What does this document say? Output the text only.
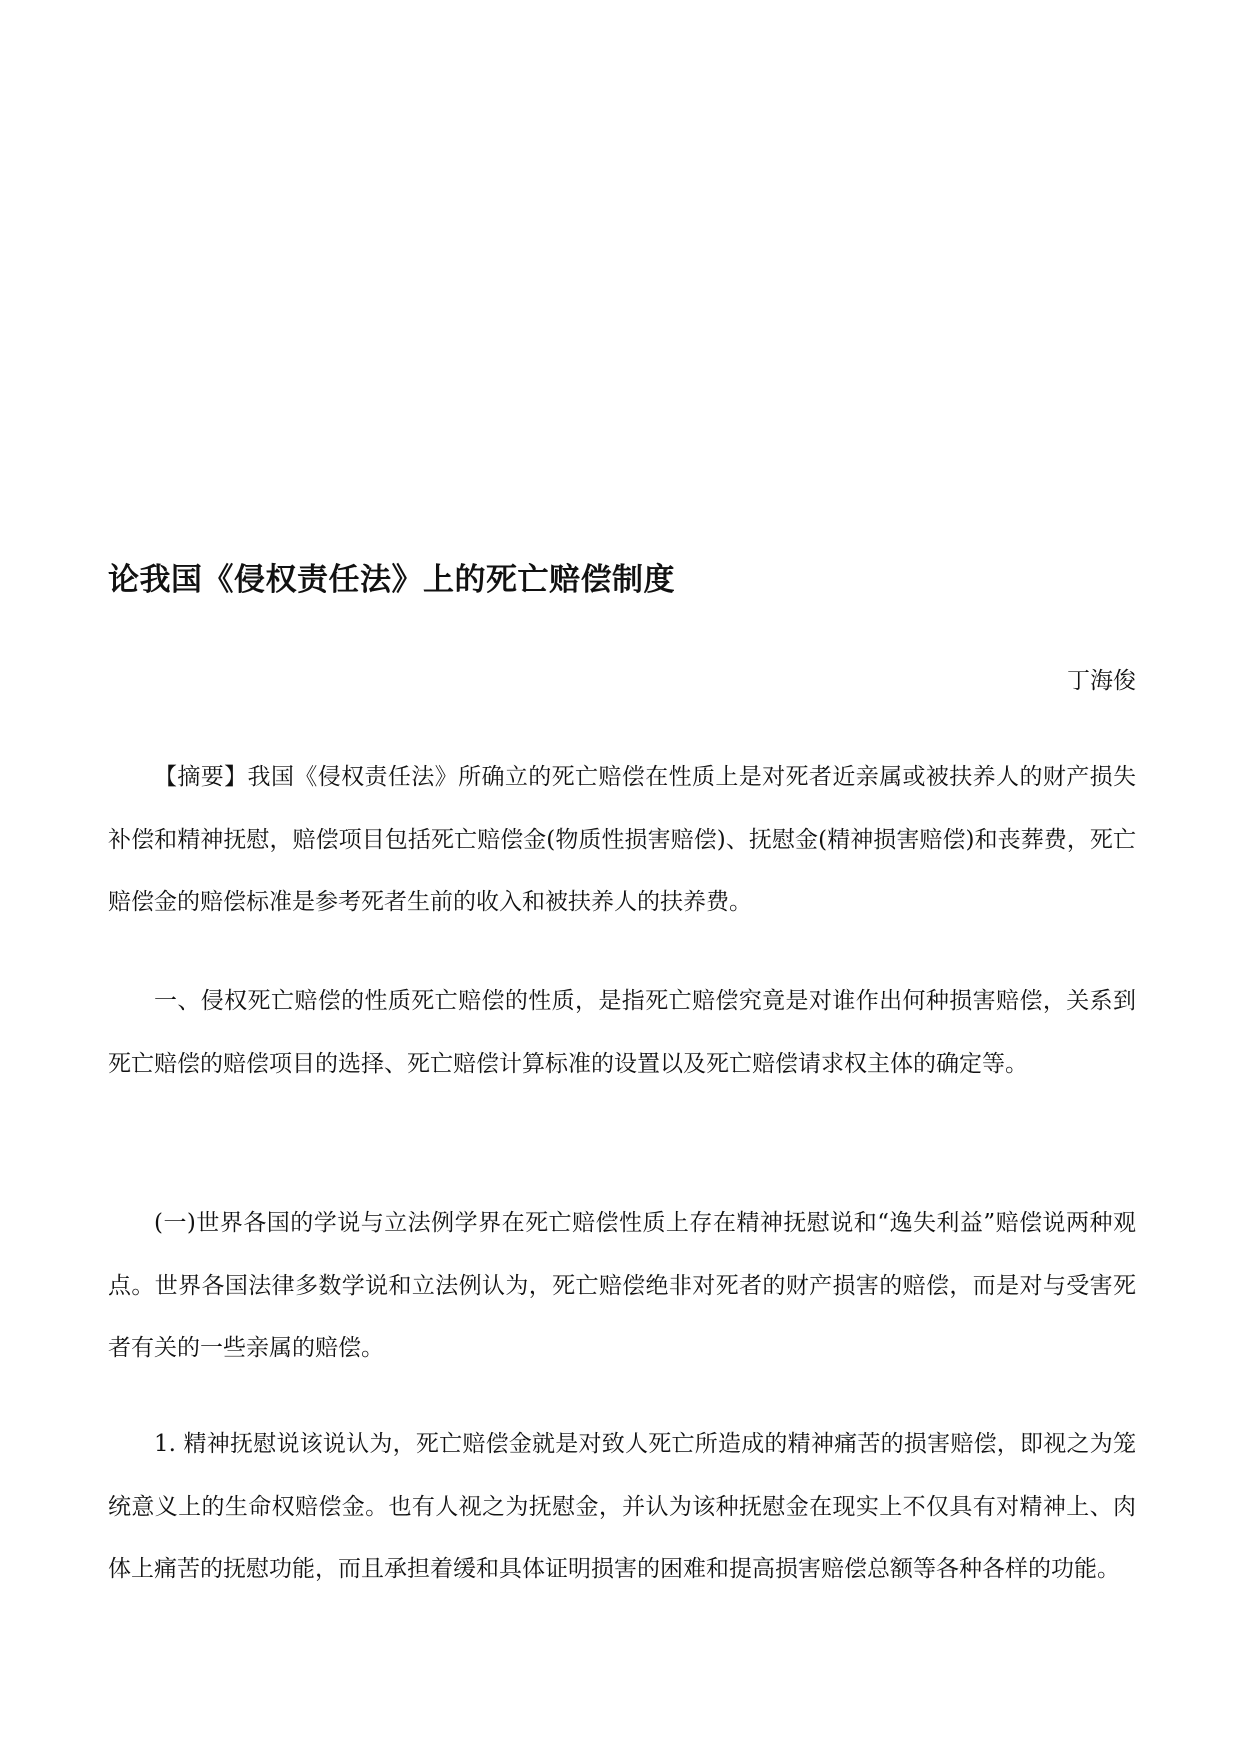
论我国《侵权责任法》上的死亡赔偿制度
丁海俊

【摘要】我国《侵权责任法》所确立的死亡赔偿在性质上是对死者近亲属或被扶养人的财产损失补偿和精神抚慰，赔偿项目包括死亡赔偿金(物质性损害赔偿)、抚慰金(精神损害赔偿)和丧葬费，死亡赔偿金的赔偿标准是参考死者生前的收入和被扶养人的扶养费。

一、侵权死亡赔偿的性质死亡赔偿的性质，是指死亡赔偿究竟是对谁作出何种损害赔偿，关系到死亡赔偿的赔偿项目的选择、死亡赔偿计算标准的设置以及死亡赔偿请求权主体的确定等。

(一)世界各国的学说与立法例学界在死亡赔偿性质上存在精神抚慰说和“逸失利益”赔偿说两种观点。世界各国法律多数学说和立法例认为，死亡赔偿绝非对死者的财产损害的赔偿，而是对与受害死者有关的一些亲属的赔偿。

1. 精神抚慰说该说认为，死亡赔偿金就是对致人死亡所造成的精神痛苦的损害赔偿，即视之为笼统意义上的生命权赔偿金。也有人视之为抚慰金，并认为该种抚慰金在现实上不仅具有对精神上、肉体上痛苦的抚慰功能，而且承担着缓和具体证明损害的困难和提高损害赔偿总额等各种各样的功能。
